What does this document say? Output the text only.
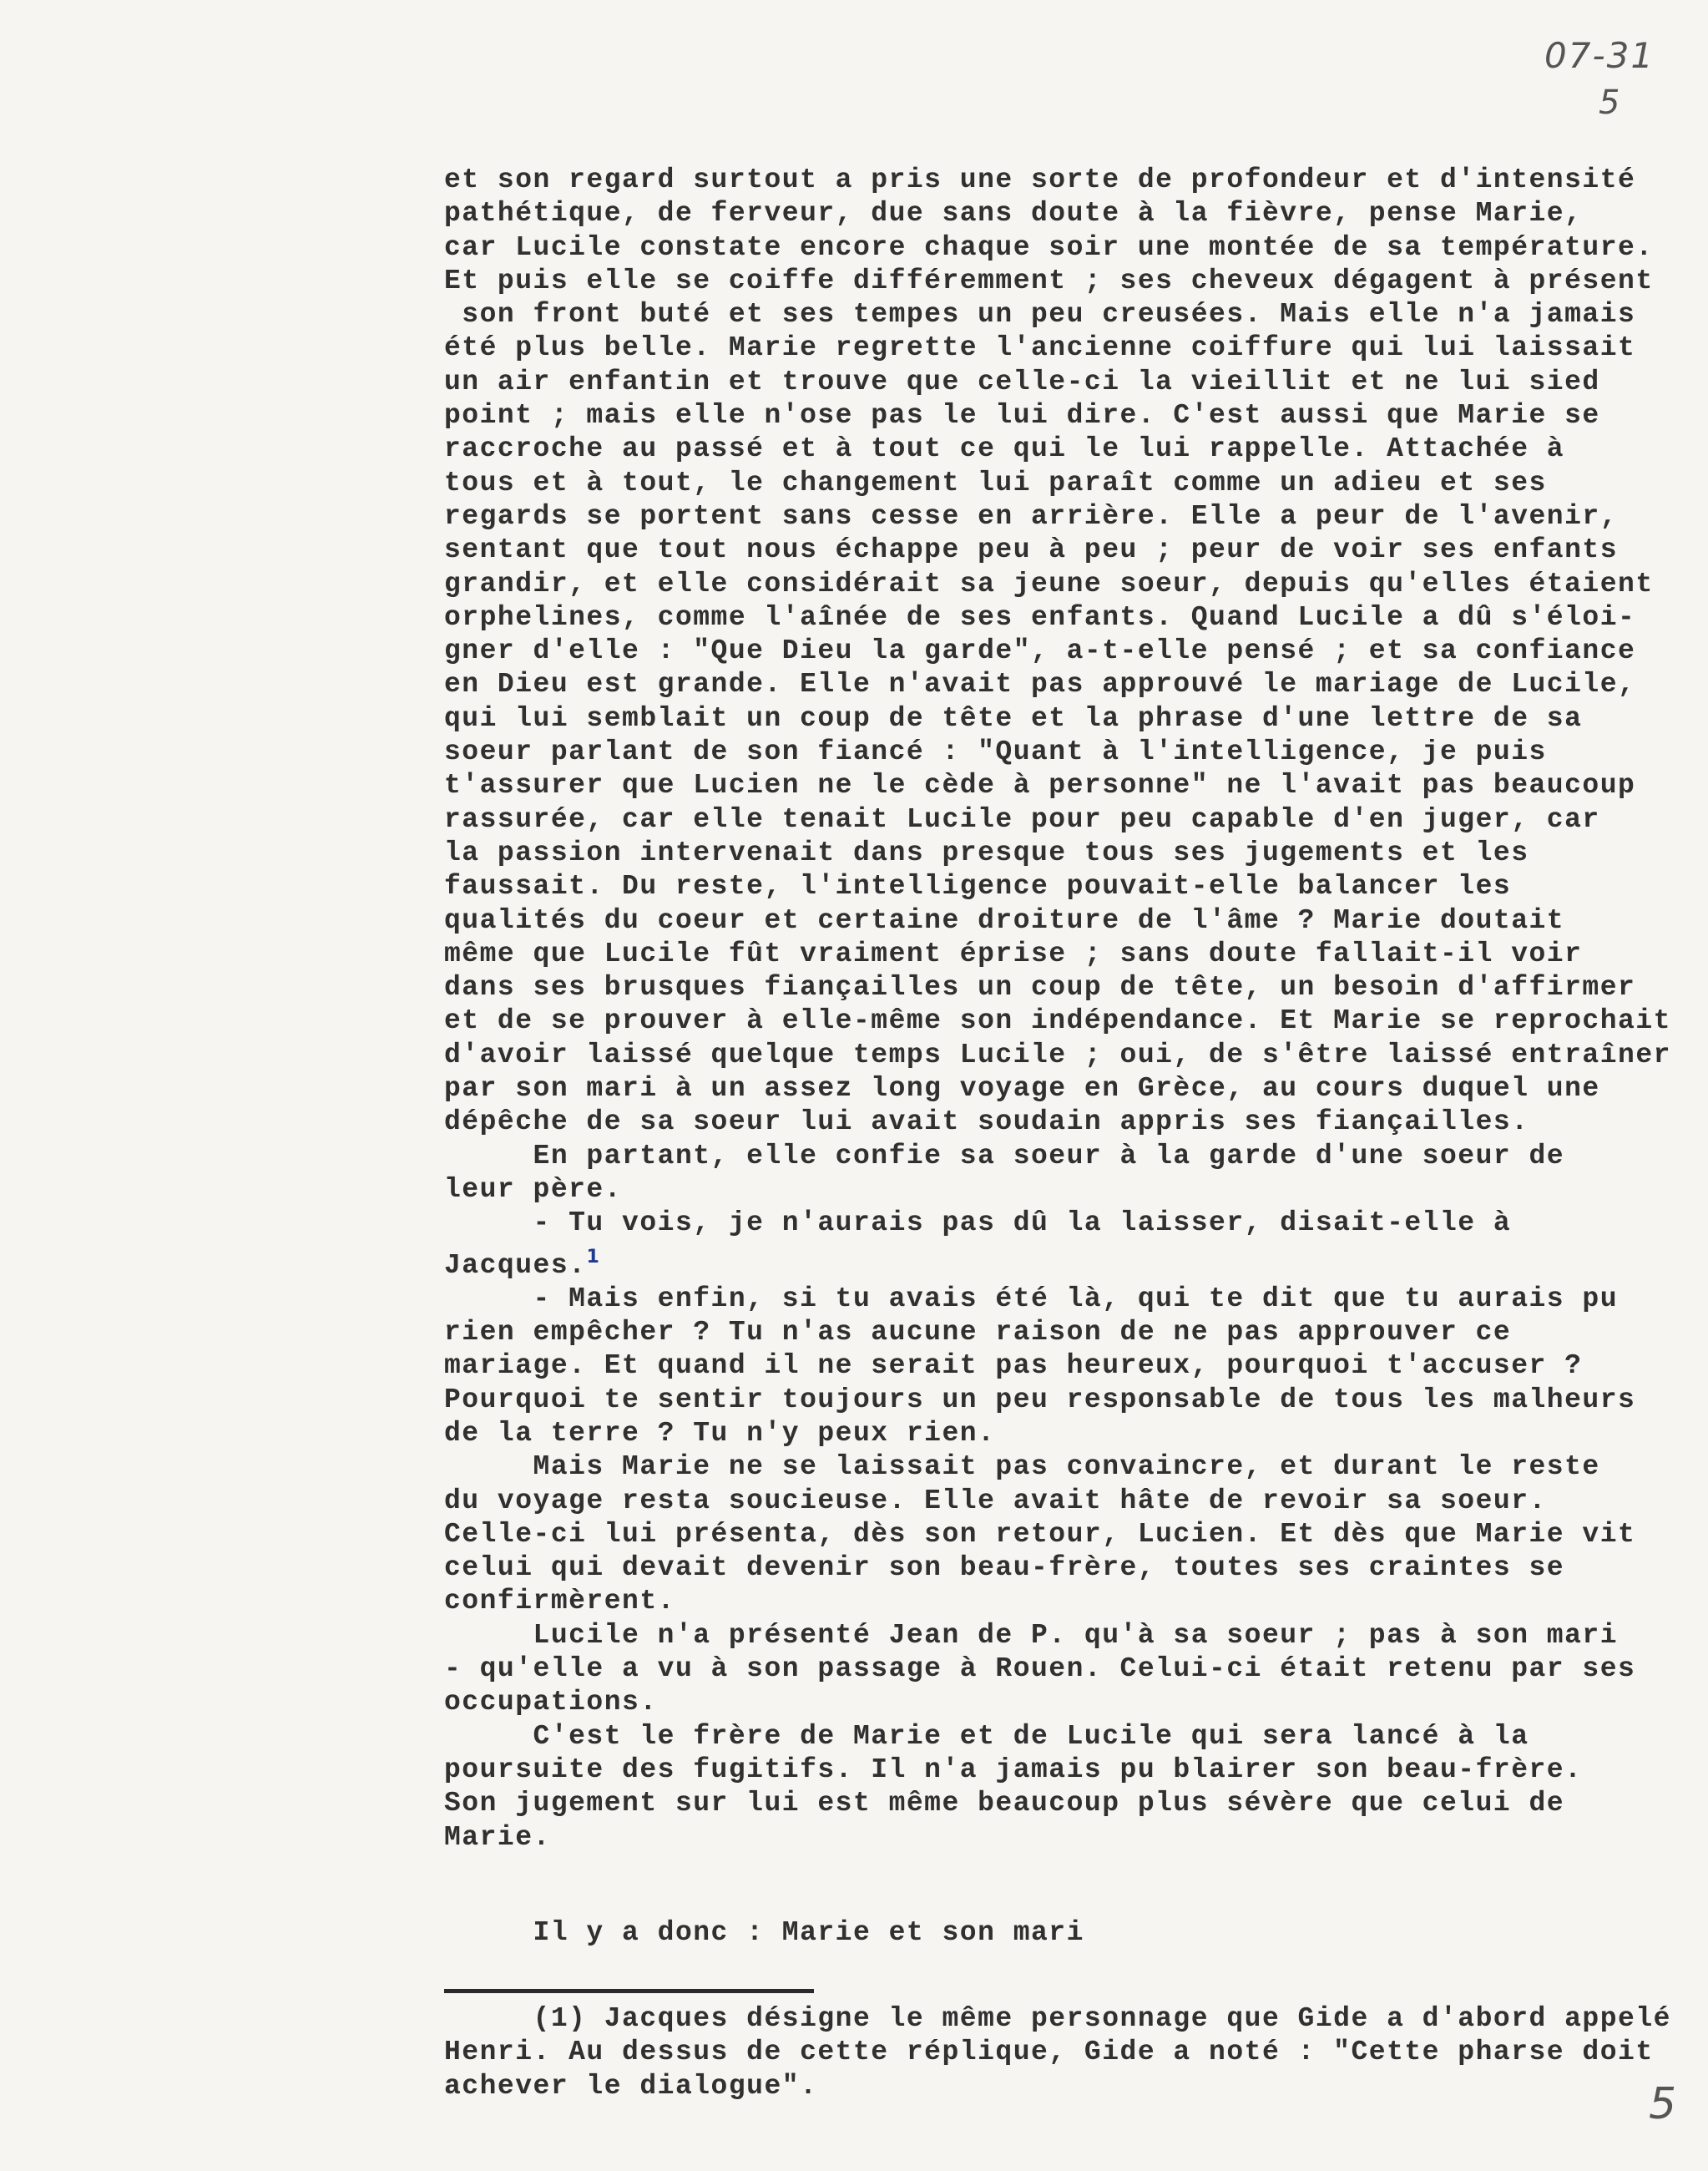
07-31
5
et son regard surtout a pris une sorte de profondeur et d'intensité
pathétique, de ferveur, due sans doute à la fièvre, pense Marie,
car Lucile constate encore chaque soir une montée de sa température.
Et puis elle se coiffe différemment ; ses cheveux dégagent à présent
son front buté et ses tempes un peu creusées. Mais elle n'a jamais
été plus belle. Marie regrette l'ancienne coiffure qui lui laissait
un air enfantin et trouve que celle-ci la vieillit et ne lui sied
point ; mais elle n'ose pas le lui dire. C'est aussi que Marie se
raccroche au passé et à tout ce qui le lui rappelle. Attachée à
tous et à tout, le changement lui paraît comme un adieu et ses
regards se portent sans cesse en arrière. Elle a peur de l'avenir,
sentant que tout nous échappe peu à peu ; peur de voir ses enfants
grandir, et elle considérait sa jeune soeur, depuis qu'elles étaient
orphelines, comme l'aînée de ses enfants. Quand Lucile a dû s'éloi-
gner d'elle : "Que Dieu la garde", a-t-elle pensé ; et sa confiance
en Dieu est grande. Elle n'avait pas approuvé le mariage de Lucile,
qui lui semblait un coup de tête et la phrase d'une lettre de sa
soeur parlant de son fiancé : "Quant à l'intelligence, je puis
t'assurer que Lucien ne le cède à personne" ne l'avait pas beaucoup
rassurée, car elle tenait Lucile pour peu capable d'en juger, car
la passion intervenait dans presque tous ses jugements et les
faussait. Du reste, l'intelligence pouvait-elle balancer les
qualités du coeur et certaine droiture de l'âme ? Marie doutait
même que Lucile fût vraiment éprise ; sans doute fallait-il voir
dans ses brusques fiançailles un coup de tête, un besoin d'affirmer
et de se prouver à elle-même son indépendance. Et Marie se reprochait
d'avoir laissé quelque temps Lucile ; oui, de s'être laissé entraîner
par son mari à un assez long voyage en Grèce, au cours duquel une
dépêche de sa soeur lui avait soudain appris ses fiançailles.
En partant, elle confie sa soeur à la garde d'une soeur de
leur père.
- Tu vois, je n'aurais pas dû la laisser, disait-elle à
Jacques.$^1$
- Mais enfin, si tu avais été là, qui te dit que tu aurais pu
rien empêcher ? Tu n'as aucune raison de ne pas approuver ce
mariage. Et quand il ne serait pas heureux, pourquoi t'accuser ?
Pourquoi te sentir toujours un peu responsable de tous les malheurs
de la terre ? Tu n'y peux rien.
Mais Marie ne se laissait pas convaincre, et durant le reste
du voyage resta soucieuse. Elle avait hâte de revoir sa soeur.
Celle-ci lui présenta, dès son retour, Lucien. Et dès que Marie vit
celui qui devait devenir son beau-frère, toutes ses craintes se
confirmèrent.
Lucile n'a présenté Jean de P. qu'à sa soeur ; pas à son mari
- qu'elle a vu à son passage à Rouen. Celui-ci était retenu par ses
occupations.
C'est le frère de Marie et de Lucile qui sera lancé à la
poursuite des fugitifs. Il n'a jamais pu blairer son beau-frère.
Son jugement sur lui est même beaucoup plus sévère que celui de
Marie.
Il y a donc : Marie et son mari
(1) Jacques désigne le même personnage que Gide a d'abord appelé
Henri. Au dessus de cette réplique, Gide a noté : "Cette pharse doit
achever le dialogue".	5
